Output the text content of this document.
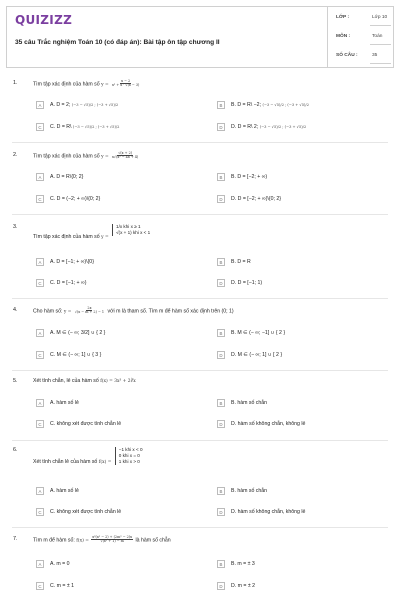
QUIZIZZ
35 câu Trắc nghiệm Toán 10 (có đáp án): Bài tập ôn tập chương II
LỚP :	Lớp 10
MÔN :	Toán
SỐ CÂU :	35
1.	Tìm tập xác định của hàm số $y = \frac{x - 2}{\text{x² + x · √(x − 3)}}$
A	A. D = 2; (−3 − √5)/2 ; (−3 + √5)/2	B	B. D = R\ −2; (−3 − √5)/2 ; (−3 + √5)/2
C	C. D = R\ (−3 − √5)/2 ; (−3 + √5)/2	D	D. D = R\ 2; (−3 − √5)/2 ; (−3 + √5)/2
2.	Tìm tập xác định của hàm số $y = \frac{√(x + 2)}{\text{x√(x² − 4x + 4)}}$
A	A. D = R\{0; 2}	B	B. D = [−2; + ∞)
C	C. D = (−2; + ∞)\{0; 2}	D	D. D = [−2; + ∞)\{0; 2}
3.
Tìm tập xác định của hàm số $_{y =}$
1/x khi x ≥ 1
√(x + 1) khi x < 1
A	A. D = [−1; + ∞)\{0}	B	B. D = R
C	C. D = [−1; + ∞)	D	D. D = [−1; 1)
4.	Cho hàm số: $y = \frac{2x}{√(x - m + 2) - 1}$ với m là tham số. Tìm m để hàm số xác định trên (0; 1)
A	A. M ∈ (− ∞; 3/2] ∪ { 2 }	B	B. M ∈ (− ∞; −1] ∪ { 2 }
C	C. M ∈ (− ∞; 1] ∪ { 3 }	D	D. M ∈ (− ∞; 1] ∪ [ 2 }
5.	Xét tính chẵn, lẻ của hàm số f(x) = 3x³ + 2∛x
A	A. hàm số lẻ	B	B. hàm số chẵn
C	C. không xét được tính chẵn lẻ	D	D. hàm số không chẵn, không lẻ
6.
Xét tính chẵn lẻ của hàm số $_{f(x) =}$
−1 khi x < 0
0 khi x = 0
1 khi x > 0
A	A. hàm số lẻ	B	B. hàm số chẵn
C	C. không xét được tính chẵn lẻ	D	D. hàm số không chẵn, không lẻ
7.	Tìm m để hàm số: $f(x) = \frac{\text{x²(x² − 2) + (2m² − 2)x}}{\text{√(x² + 1) − m}}$ là hàm số chẵn
A	A. m = 0	B	B. m = ± 3
C	C. m = ± 1	D	D. m = ± 2
